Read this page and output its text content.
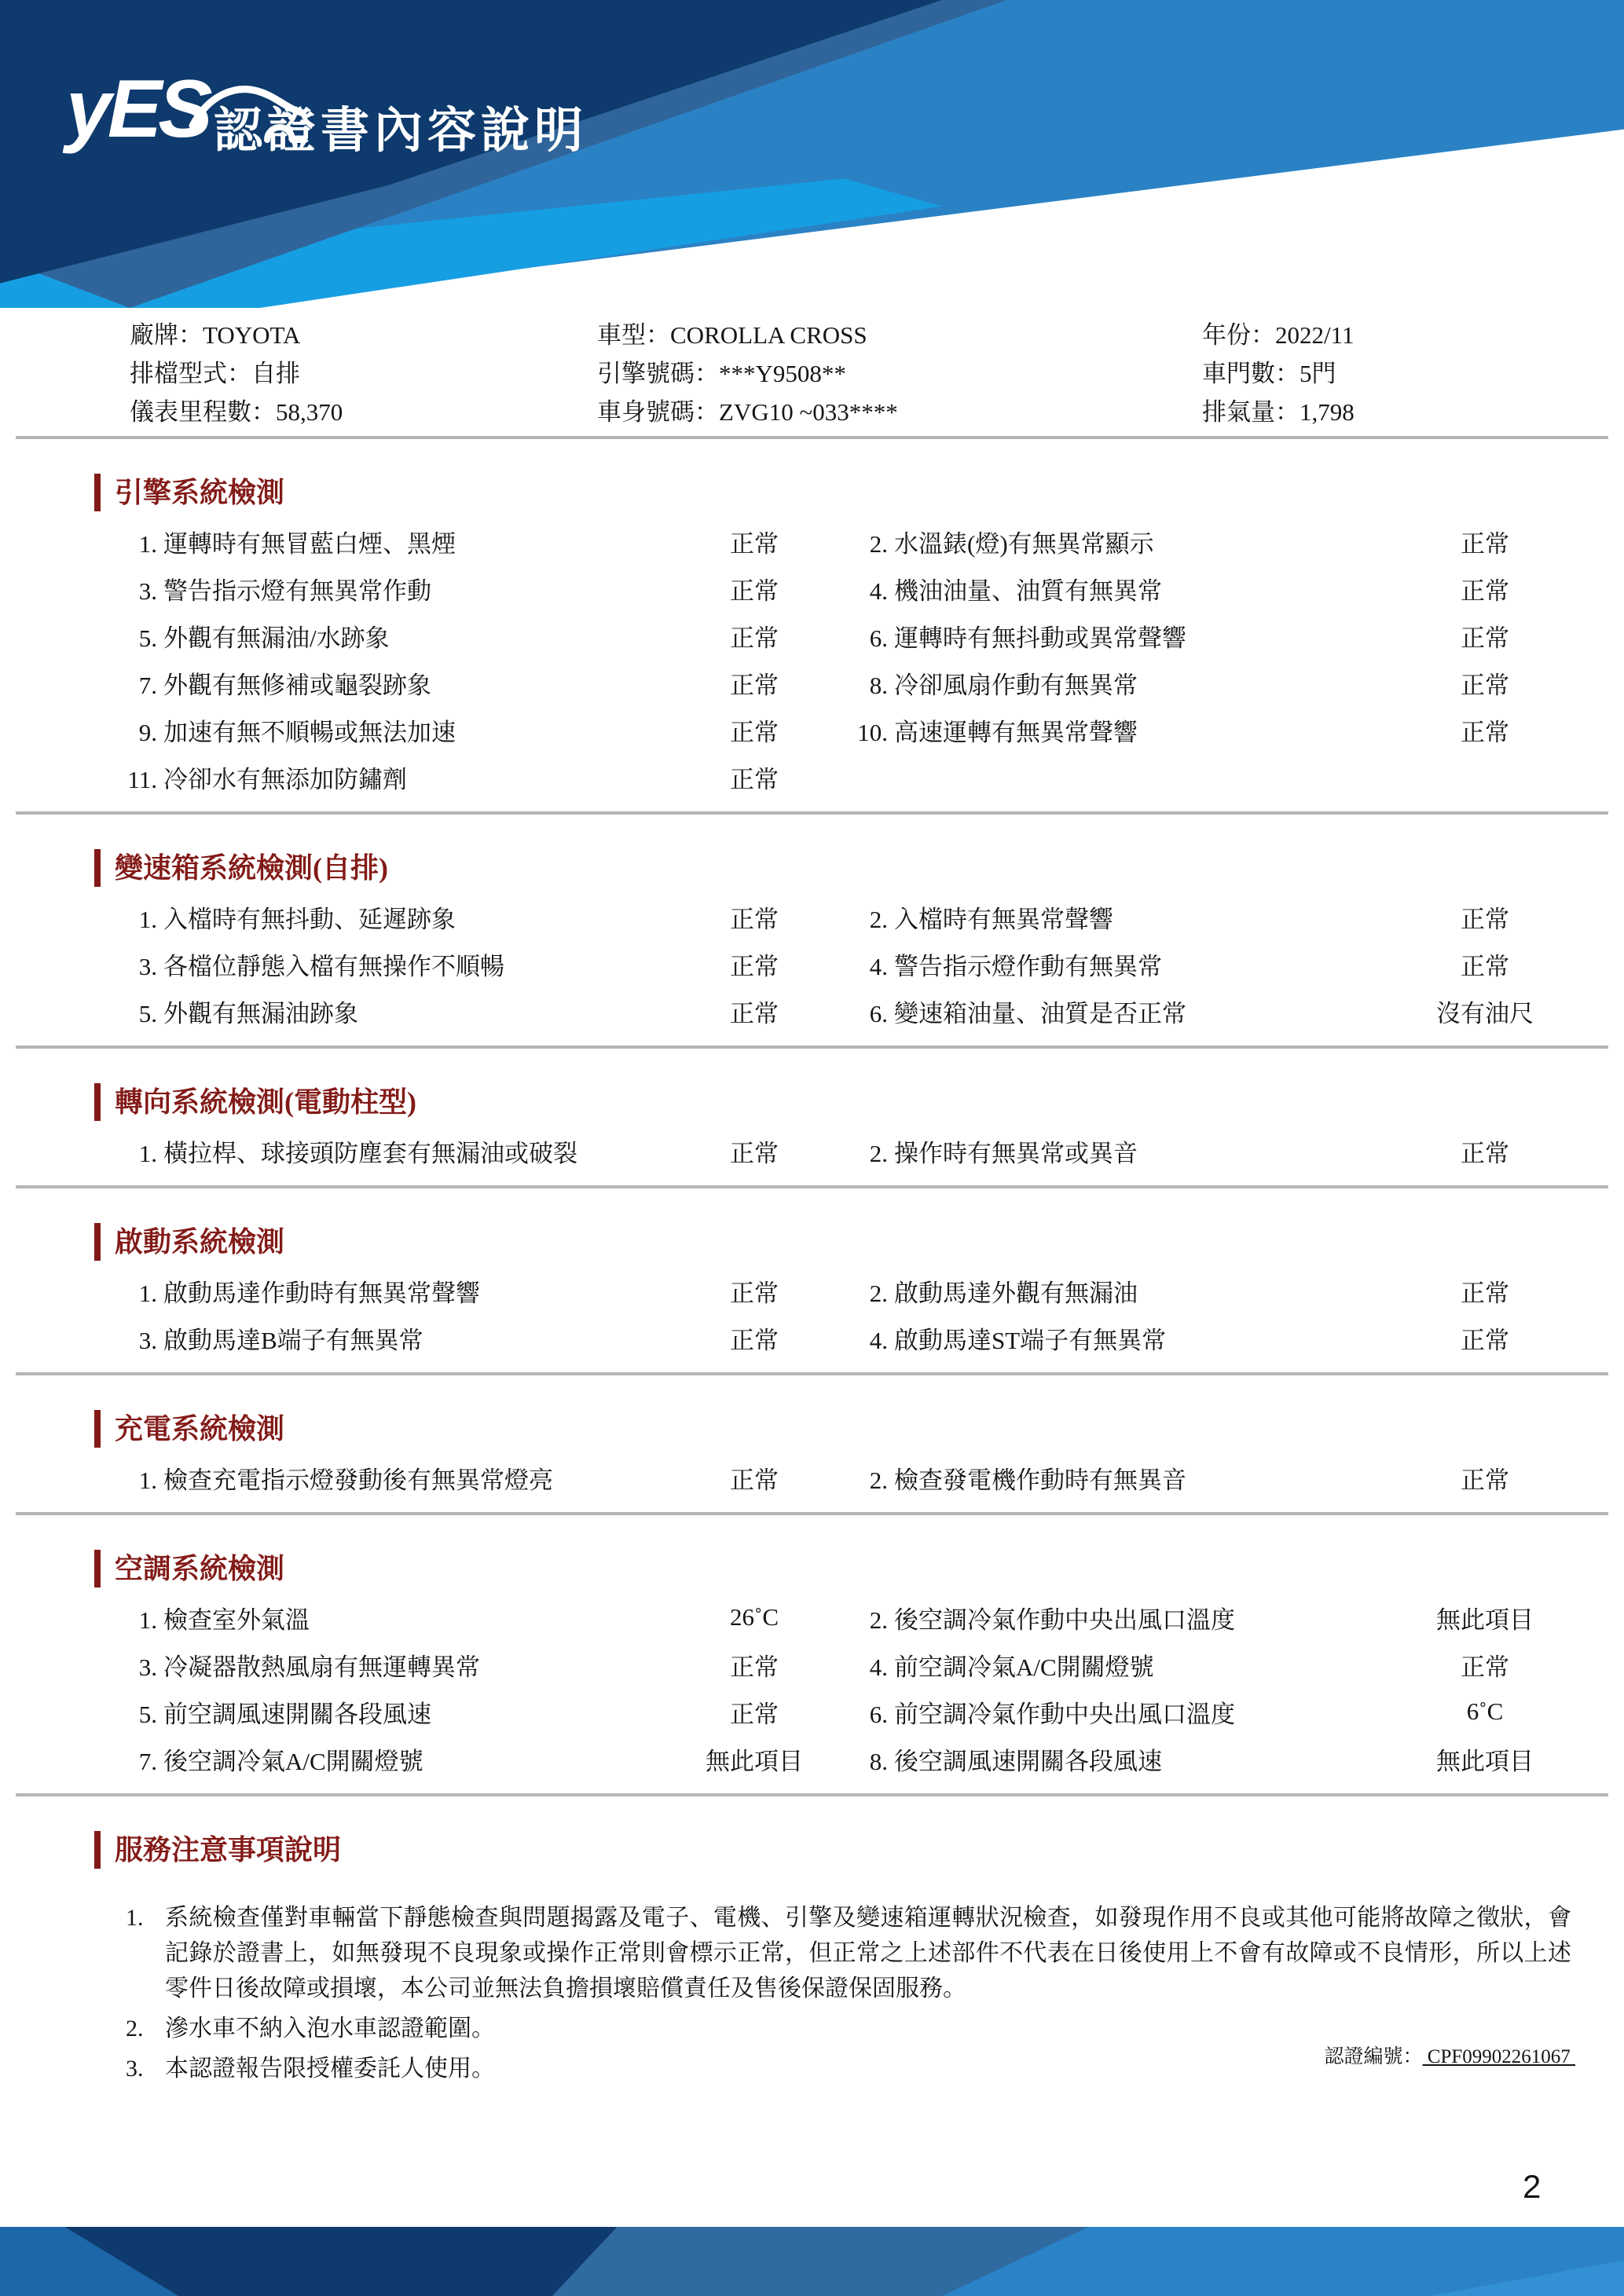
yES 認證書內容說明
廠牌：TOYOTA	車型：COROLLA CROSS	年份：2022/11
排檔型式：自排	引擎號碼：***Y9508**	車門數：5門
儀表里程數：58,370	車身號碼：ZVG10 ~033****	排氣量：1,798
引擎系統檢測
1. 運轉時有無冒藍白煙、黑煙	正常	2. 水溫錶(燈)有無異常顯示	正常
3. 警告指示燈有無異常作動	正常	4. 機油油量、油質有無異常	正常
5. 外觀有無漏油/水跡象	正常	6. 運轉時有無抖動或異常聲響	正常
7. 外觀有無修補或龜裂跡象	正常	8. 冷卻風扇作動有無異常	正常
9. 加速有無不順暢或無法加速	正常	10. 高速運轉有無異常聲響	正常
11. 冷卻水有無添加防鏽劑	正常
變速箱系統檢測(自排)
1. 入檔時有無抖動、延遲跡象	正常	2. 入檔時有無異常聲響	正常
3. 各檔位靜態入檔有無操作不順暢	正常	4. 警告指示燈作動有無異常	正常
5. 外觀有無漏油跡象	正常	6. 變速箱油量、油質是否正常	沒有油尺
轉向系統檢測(電動柱型)
1. 橫拉桿、球接頭防塵套有無漏油或破裂	正常	2. 操作時有無異常或異音	正常
啟動系統檢測
1. 啟動馬達作動時有無異常聲響	正常	2. 啟動馬達外觀有無漏油	正常
3. 啟動馬達B端子有無異常	正常	4. 啟動馬達ST端子有無異常	正常
充電系統檢測
1. 檢查充電指示燈發動後有無異常燈亮	正常	2. 檢查發電機作動時有無異音	正常
空調系統檢測
1. 檢查室外氣溫	26˚C	2. 後空調冷氣作動中央出風口溫度	無此項目
3. 冷凝器散熱風扇有無運轉異常	正常	4. 前空調冷氣A/C開關燈號	正常
5. 前空調風速開關各段風速	正常	6. 前空調冷氣作動中央出風口溫度	6˚C
7. 後空調冷氣A/C開關燈號	無此項目	8. 後空調風速開關各段風速	無此項目
服務注意事項說明
1. 系統檢查僅對車輛當下靜態檢查與問題揭露及電子、電機、引擎及變速箱運轉狀況檢查，如發現作用不良或其他可能將故障之徵狀，會記錄於證書上，如無發現不良現象或操作正常則會標示正常，但正常之上述部件不代表在日後使用上不會有故障或不良情形，所以上述零件日後故障或損壞，本公司並無法負擔損壞賠償責任及售後保證保固服務。
2. 滲水車不納入泡水車認證範圍。
3. 本認證報告限授權委託人使用。	認證編號： CPF09902261067
2
